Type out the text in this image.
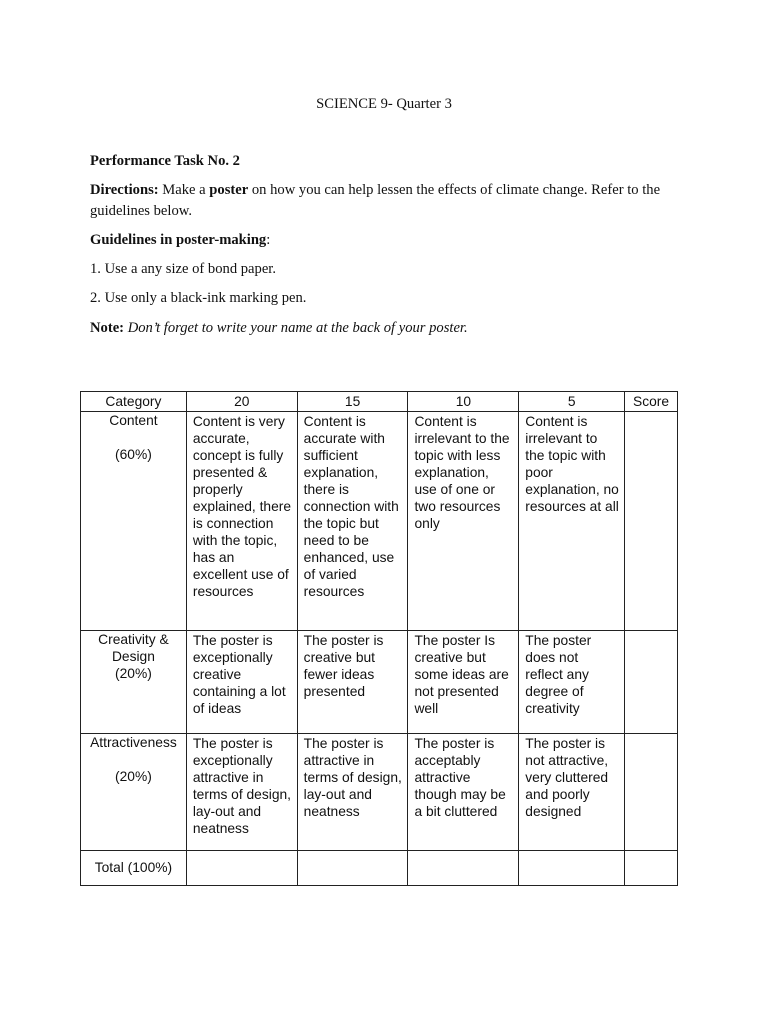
SCIENCE 9- Quarter 3
Performance Task No. 2
Directions: Make a poster on how you can help lessen the effects of climate change. Refer to the guidelines below.
Guidelines in poster-making:
1. Use a any size of bond paper.
2. Use only a black-ink marking pen.
Note: Don’t forget to write your name at the back of your poster.
Category	20	15	10	5	Score

Content
(60%)	Content is very accurate, concept is fully presented & properly explained, there is connection with the topic, has an excellent use of resources	Content is accurate with sufficient explanation, there is connection with the topic but need to be enhanced, use of varied resources	Content is irrelevant to the topic with less explanation, use of one or two resources only	Content is irrelevant to the topic with poor explanation, no resources at all	

Creativity & Design
(20%)	The poster is exceptionally creative containing a lot of ideas	The poster is creative but fewer ideas presented	The poster Is creative but some ideas are not presented well	The poster does not reflect any degree of creativity	

Attractiveness
(20%)	The poster is exceptionally attractive in terms of design, lay-out and neatness	The poster is attractive in terms of design, lay-out and neatness	The poster is acceptably attractive though may be a bit cluttered	The poster is not attractive, very cluttered and poorly designed	

Total (100%)					
